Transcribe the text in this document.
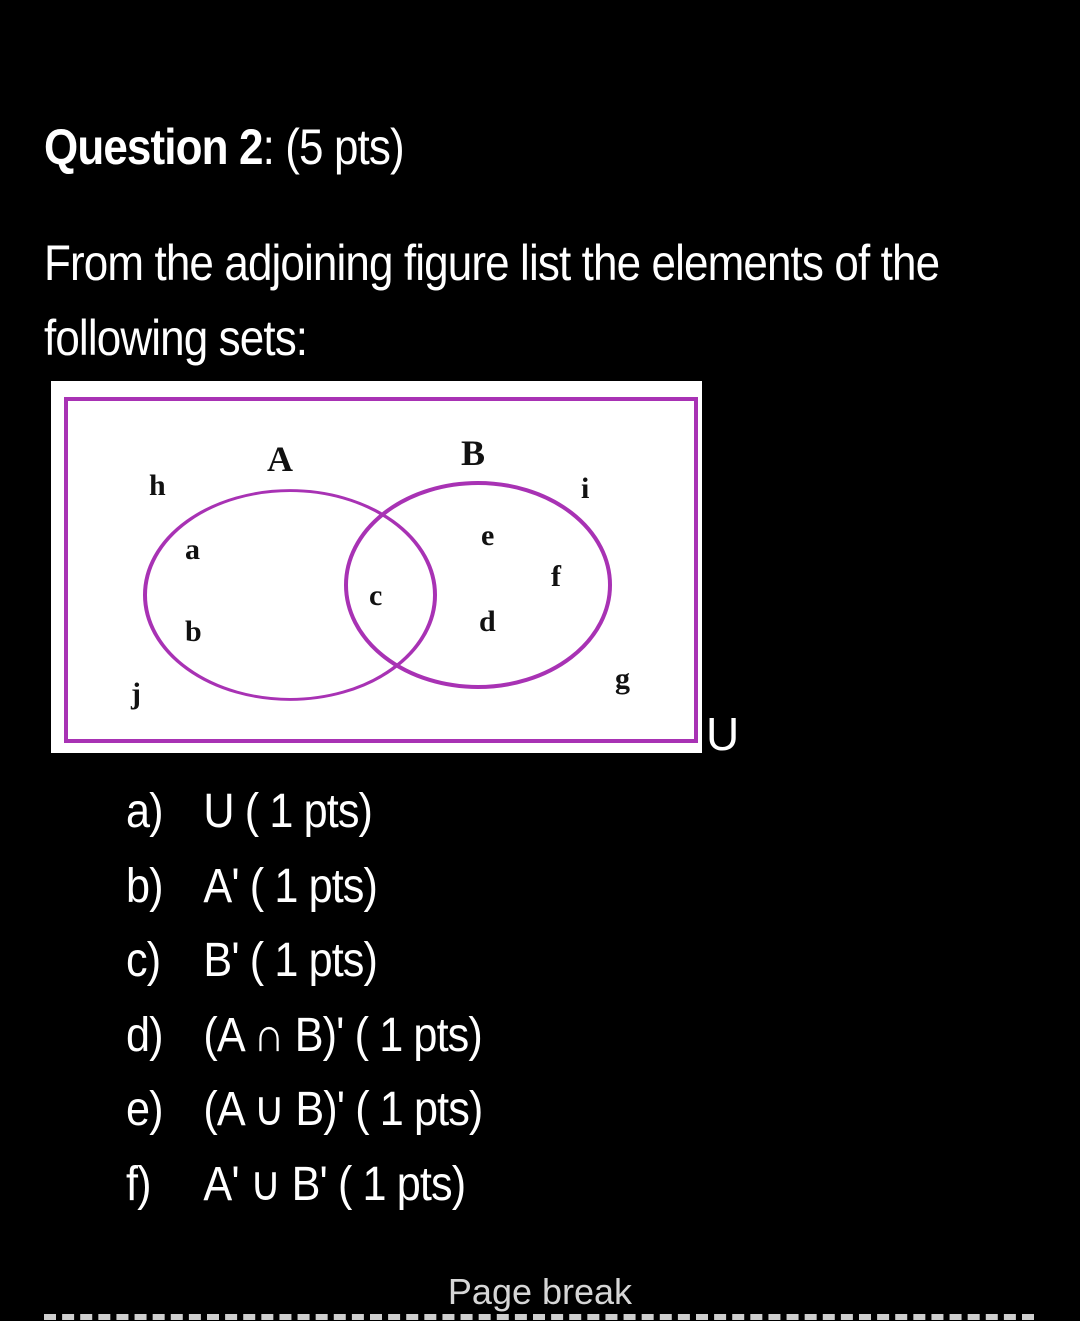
Question 2: (5 pts)
From the adjoining figure list the elements of the following sets:
A	B
h
a
b
c
e
f
d
i
g
j
U
a) U ( 1 pts)
b) A' ( 1 pts)
c) B' ( 1 pts)
d) (A ∩ B)' ( 1 pts)
e) (A ∪ B)' ( 1 pts)
f) A' ∪ B' ( 1 pts)
Page break
